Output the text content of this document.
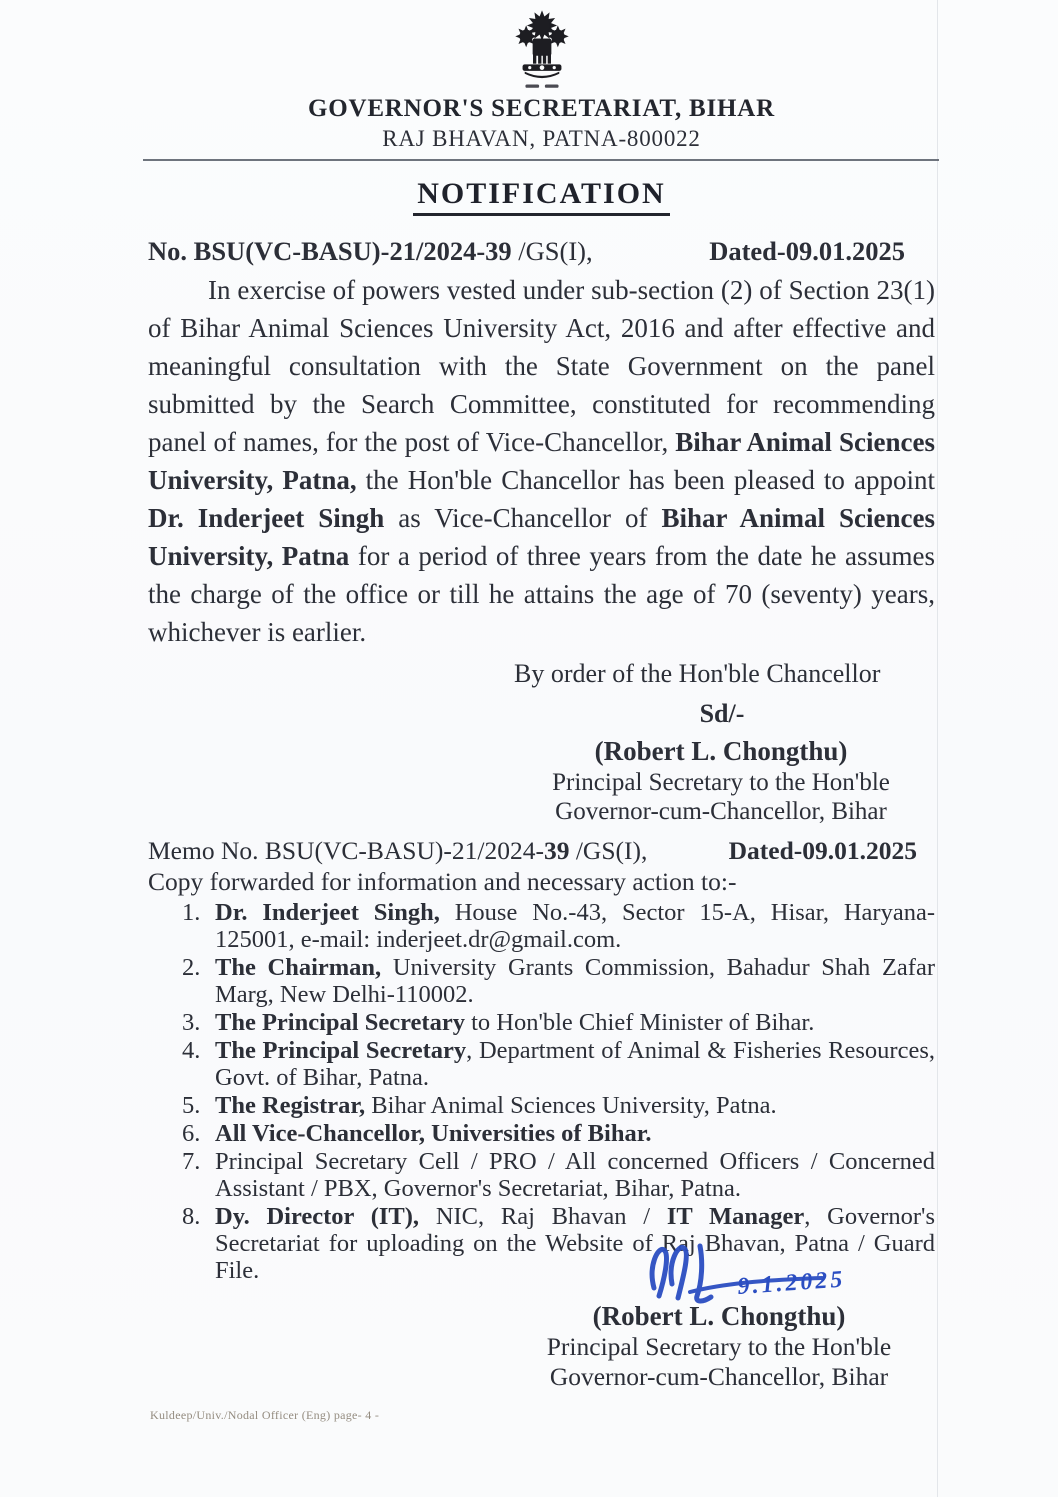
GOVERNOR'S SECRETARIAT, BIHAR
RAJ BHAVAN, PATNA-800022
NOTIFICATION
No. BSU(VC-BASU)-21/2024-39 /GS(I),	Dated-09.01.2025
In exercise of powers vested under sub-section (2) of Section 23(1) of Bihar Animal Sciences University Act, 2016 and after effective and meaningful consultation with the State Government on the panel submitted by the Search Committee, constituted for recommending panel of names, for the post of Vice-Chancellor, Bihar Animal Sciences University, Patna, the Hon'ble Chancellor has been pleased to appoint Dr. Inderjeet Singh as Vice-Chancellor of Bihar Animal Sciences University, Patna for a period of three years from the date he assumes the charge of the office or till he attains the age of 70 (seventy) years, whichever is earlier.
By order of the Hon'ble Chancellor
Sd/-
(Robert L. Chongthu)
Principal Secretary to the Hon'ble
Governor-cum-Chancellor, Bihar
Memo No. BSU(VC-BASU)-21/2024-39 /GS(I),	Dated-09.01.2025
Copy forwarded for information and necessary action to:-
1. Dr. Inderjeet Singh, House No.-43, Sector 15-A, Hisar, Haryana-125001, e-mail: inderjeet.dr@gmail.com.
2. The Chairman, University Grants Commission, Bahadur Shah Zafar Marg, New Delhi-110002.
3. The Principal Secretary to Hon'ble Chief Minister of Bihar.
4. The Principal Secretary, Department of Animal & Fisheries Resources, Govt. of Bihar, Patna.
5. The Registrar, Bihar Animal Sciences University, Patna.
6. All Vice-Chancellor, Universities of Bihar.
7. Principal Secretary Cell / PRO / All concerned Officers / Concerned Assistant / PBX, Governor's Secretariat, Bihar, Patna.
8. Dy. Director (IT), NIC, Raj Bhavan / IT Manager, Governor's Secretariat for uploading on the Website of Raj Bhavan, Patna / Guard File.	9.1.2025
(Robert L. Chongthu)
Principal Secretary to the Hon'ble
Governor-cum-Chancellor, Bihar
Kuldeep/Univ./Nodal Officer (Eng) page- 4 -
